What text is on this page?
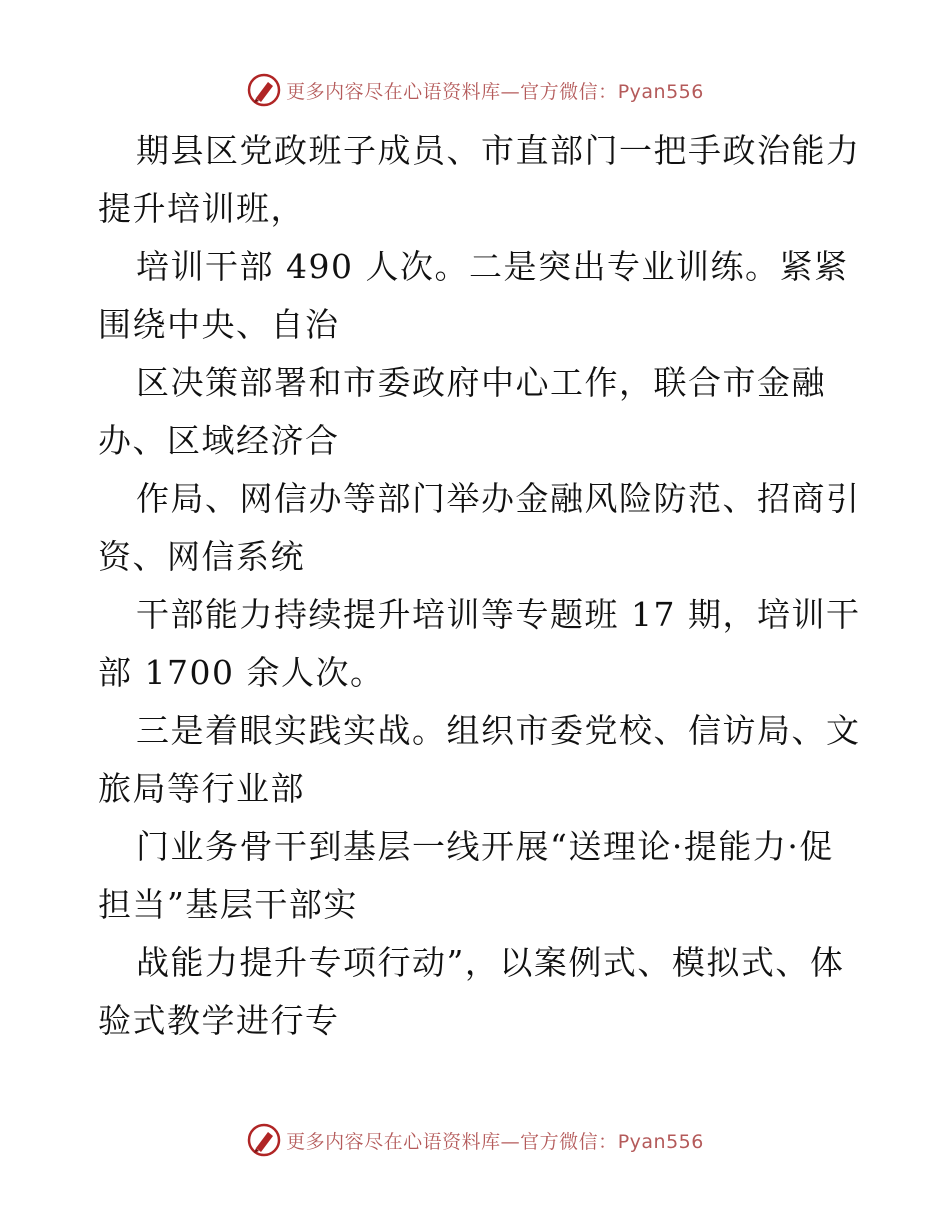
更多内容尽在心语资料库—官方微信：Pyan556

期县区党政班子成员、市直部门一把手政治能力提升培训班，

培训干部 490 人次。二是突出专业训练。紧紧围绕中央、自治

区决策部署和市委政府中心工作，联合市金融办、区域经济合

作局、网信办等部门举办金融风险防范、招商引资、网信系统

干部能力持续提升培训等专题班 17 期，培训干部 1700 余人次。

三是着眼实践实战。组织市委党校、信访局、文旅局等行业部

门业务骨干到基层一线开展“送理论·提能力·促担当”基层干部实

战能力提升专项行动”，以案例式、模拟式、体验式教学进行专

更多内容尽在心语资料库—官方微信：Pyan556
